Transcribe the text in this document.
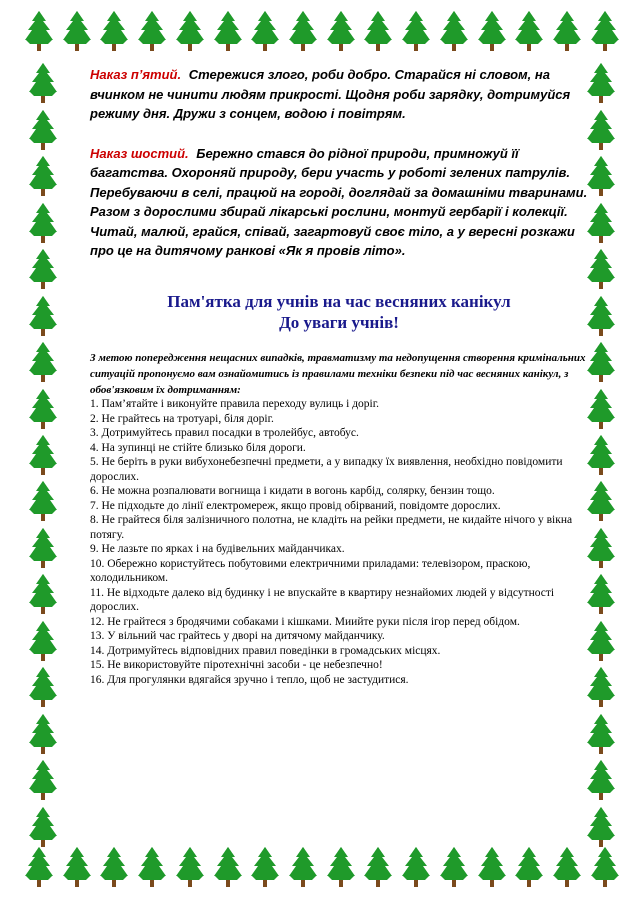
Наказ п’ятий. Стережися злого, роби добро. Старайся ні словом, на вчинком не чинити людям прикрості. Щодня роби зарядку, дотримуйся режиму дня. Дружи з сонцем, водою і повітрям.

Наказ шостий. Бережно стався до рідної природи, примножуй її багатства. Охороняй природу, бери участь у роботі зелених патрулів. Перебуваючи в селі, працюй на городі, доглядай за домашніми тваринами. Разом з дорослими збирай лікарські рослини, монтуй гербарії і колекції. Читай, малюй, грайся, співай, загартовуй своє тіло, а у вересні розкажи про це на дитячому ранкові «Як я провів літо».

Пам'ятка для учнів на час весняних канікул
До уваги учнів!

З метою попередження нещасних випадків, травматизму та недопущення створення кримінальних ситуацій пропонуємо вам ознайомитись із правилами техніки безпеки під час весняних канікул, з обов'язковим їх дотриманням:

1. Пам’ятайте і виконуйте правила переходу вулиць і доріг.
2. Не грайтесь на тротуарі, біля доріг.
3. Дотримуйтесь правил посадки в тролейбус, автобус.
4. На зупинці не стійте близько біля дороги.
5. Не беріть в руки вибухонебезпечні предмети, а у випадку їх виявлення, необхідно повідомити дорослих.
6. Не можна розпалювати вогнища і кидати в вогонь карбід, солярку, бензин тощо.
7. Не підходьте до лінії електромереж, якщо провід обірваний, повідомте дорослих.
8. Не грайтеся біля залізничного полотна, не кладіть на рейки предмети, не кидайте нічого у вікна потягу.
9. Не лазьте по ярках і на будівельних майданчиках.
10. Обережно користуйтесь побутовими електричними приладами: телевізором, праскою, холодильником.
11. Не відходьте далеко від будинку і не впускайте в квартиру незнайомих людей у відсутності дорослих.
12. Не грайтеся з бродячими собаками і кішками. Миийте руки після ігор перед обідом.
13. У вільний час грайтесь у дворі на дитячому майданчику.
14. Дотримуйтесь відповідних правил поведінки в громадських місцях.
15. Не використовуйте піротехнічні засоби - це небезпечно!
16. Для прогулянки вдягайся зручно і тепло, щоб не застудитися.
